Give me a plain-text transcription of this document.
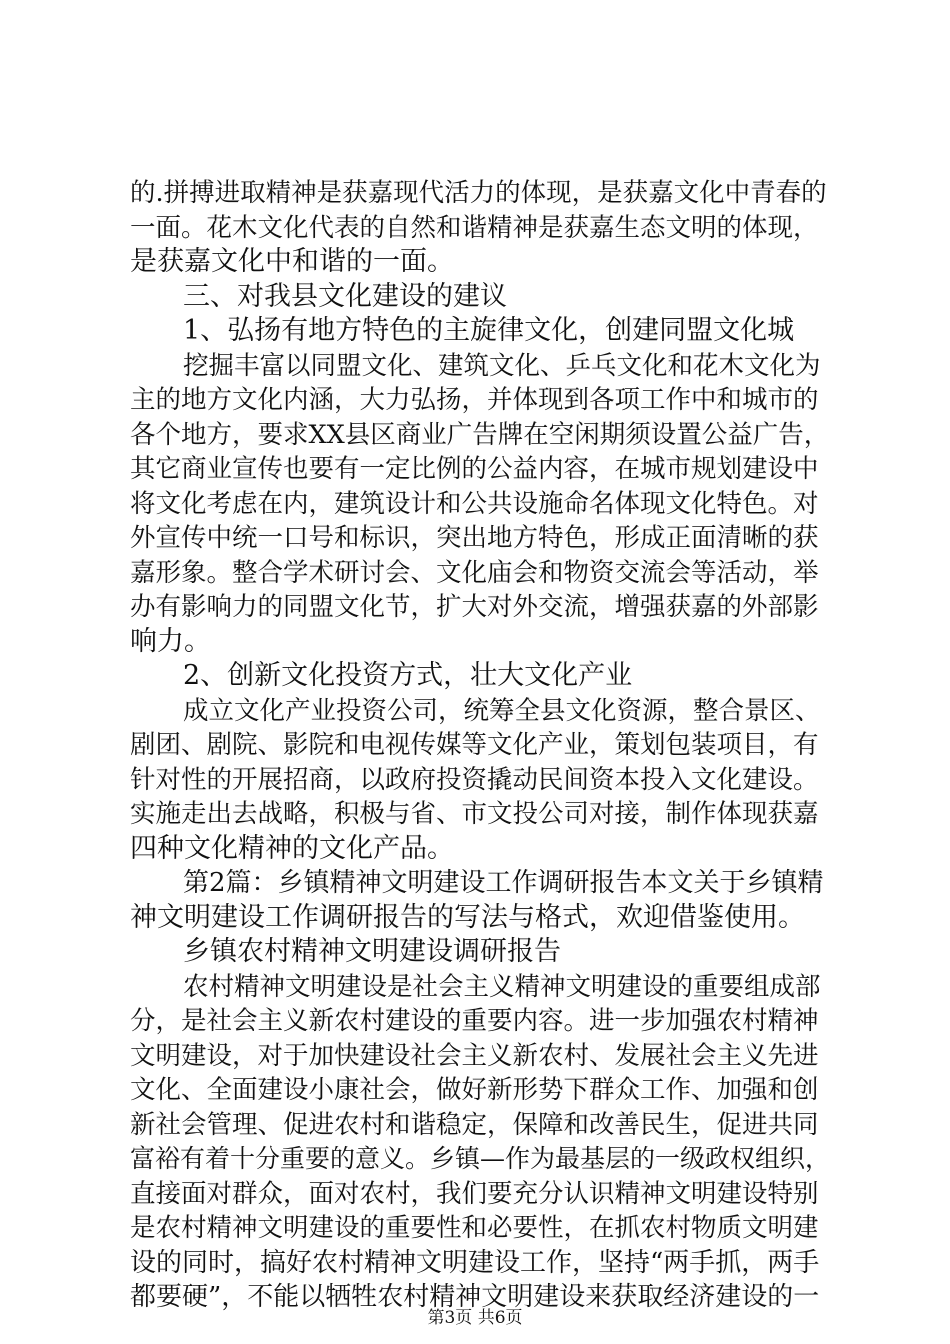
的.拼搏进取精神是获嘉现代活力的体现，是获嘉文化中青春的
一面。花木文化代表的自然和谐精神是获嘉生态文明的体现，
是获嘉文化中和谐的一面。
三、对我县文化建设的建议
1、弘扬有地方特色的主旋律文化，创建同盟文化城
挖掘丰富以同盟文化、建筑文化、乒乓文化和花木文化为
主的地方文化内涵，大力弘扬，并体现到各项工作中和城市的
各个地方，要求XX县区商业广告牌在空闲期须设置公益广告，
其它商业宣传也要有一定比例的公益内容，在城市规划建设中
将文化考虑在内，建筑设计和公共设施命名体现文化特色。对
外宣传中统一口号和标识，突出地方特色，形成正面清晰的获
嘉形象。整合学术研讨会、文化庙会和物资交流会等活动，举
办有影响力的同盟文化节，扩大对外交流，增强获嘉的外部影
响力。
2、创新文化投资方式，壮大文化产业
成立文化产业投资公司，统筹全县文化资源，整合景区、
剧团、剧院、影院和电视传媒等文化产业，策划包装项目，有
针对性的开展招商，以政府投资撬动民间资本投入文化建设。
实施走出去战略，积极与省、市文投公司对接，制作体现获嘉
四种文化精神的文化产品。
第2篇：乡镇精神文明建设工作调研报告本文关于乡镇精
神文明建设工作调研报告的写法与格式，欢迎借鉴使用。
乡镇农村精神文明建设调研报告
农村精神文明建设是社会主义精神文明建设的重要组成部
分，是社会主义新农村建设的重要内容。进一步加强农村精神
文明建设，对于加快建设社会主义新农村、发展社会主义先进
文化、全面建设小康社会，做好新形势下群众工作、加强和创
新社会管理、促进农村和谐稳定，保障和改善民生，促进共同
富裕有着十分重要的意义。乡镇—作为最基层的一级政权组织，
直接面对群众，面对农村，我们要充分认识精神文明建设特别
是农村精神文明建设的重要性和必要性，在抓农村物质文明建
设的同时，搞好农村精神文明建设工作，坚持“两手抓，两手
都要硬”，不能以牺牲农村精神文明建设来获取经济建设的一
第3页 共6页
